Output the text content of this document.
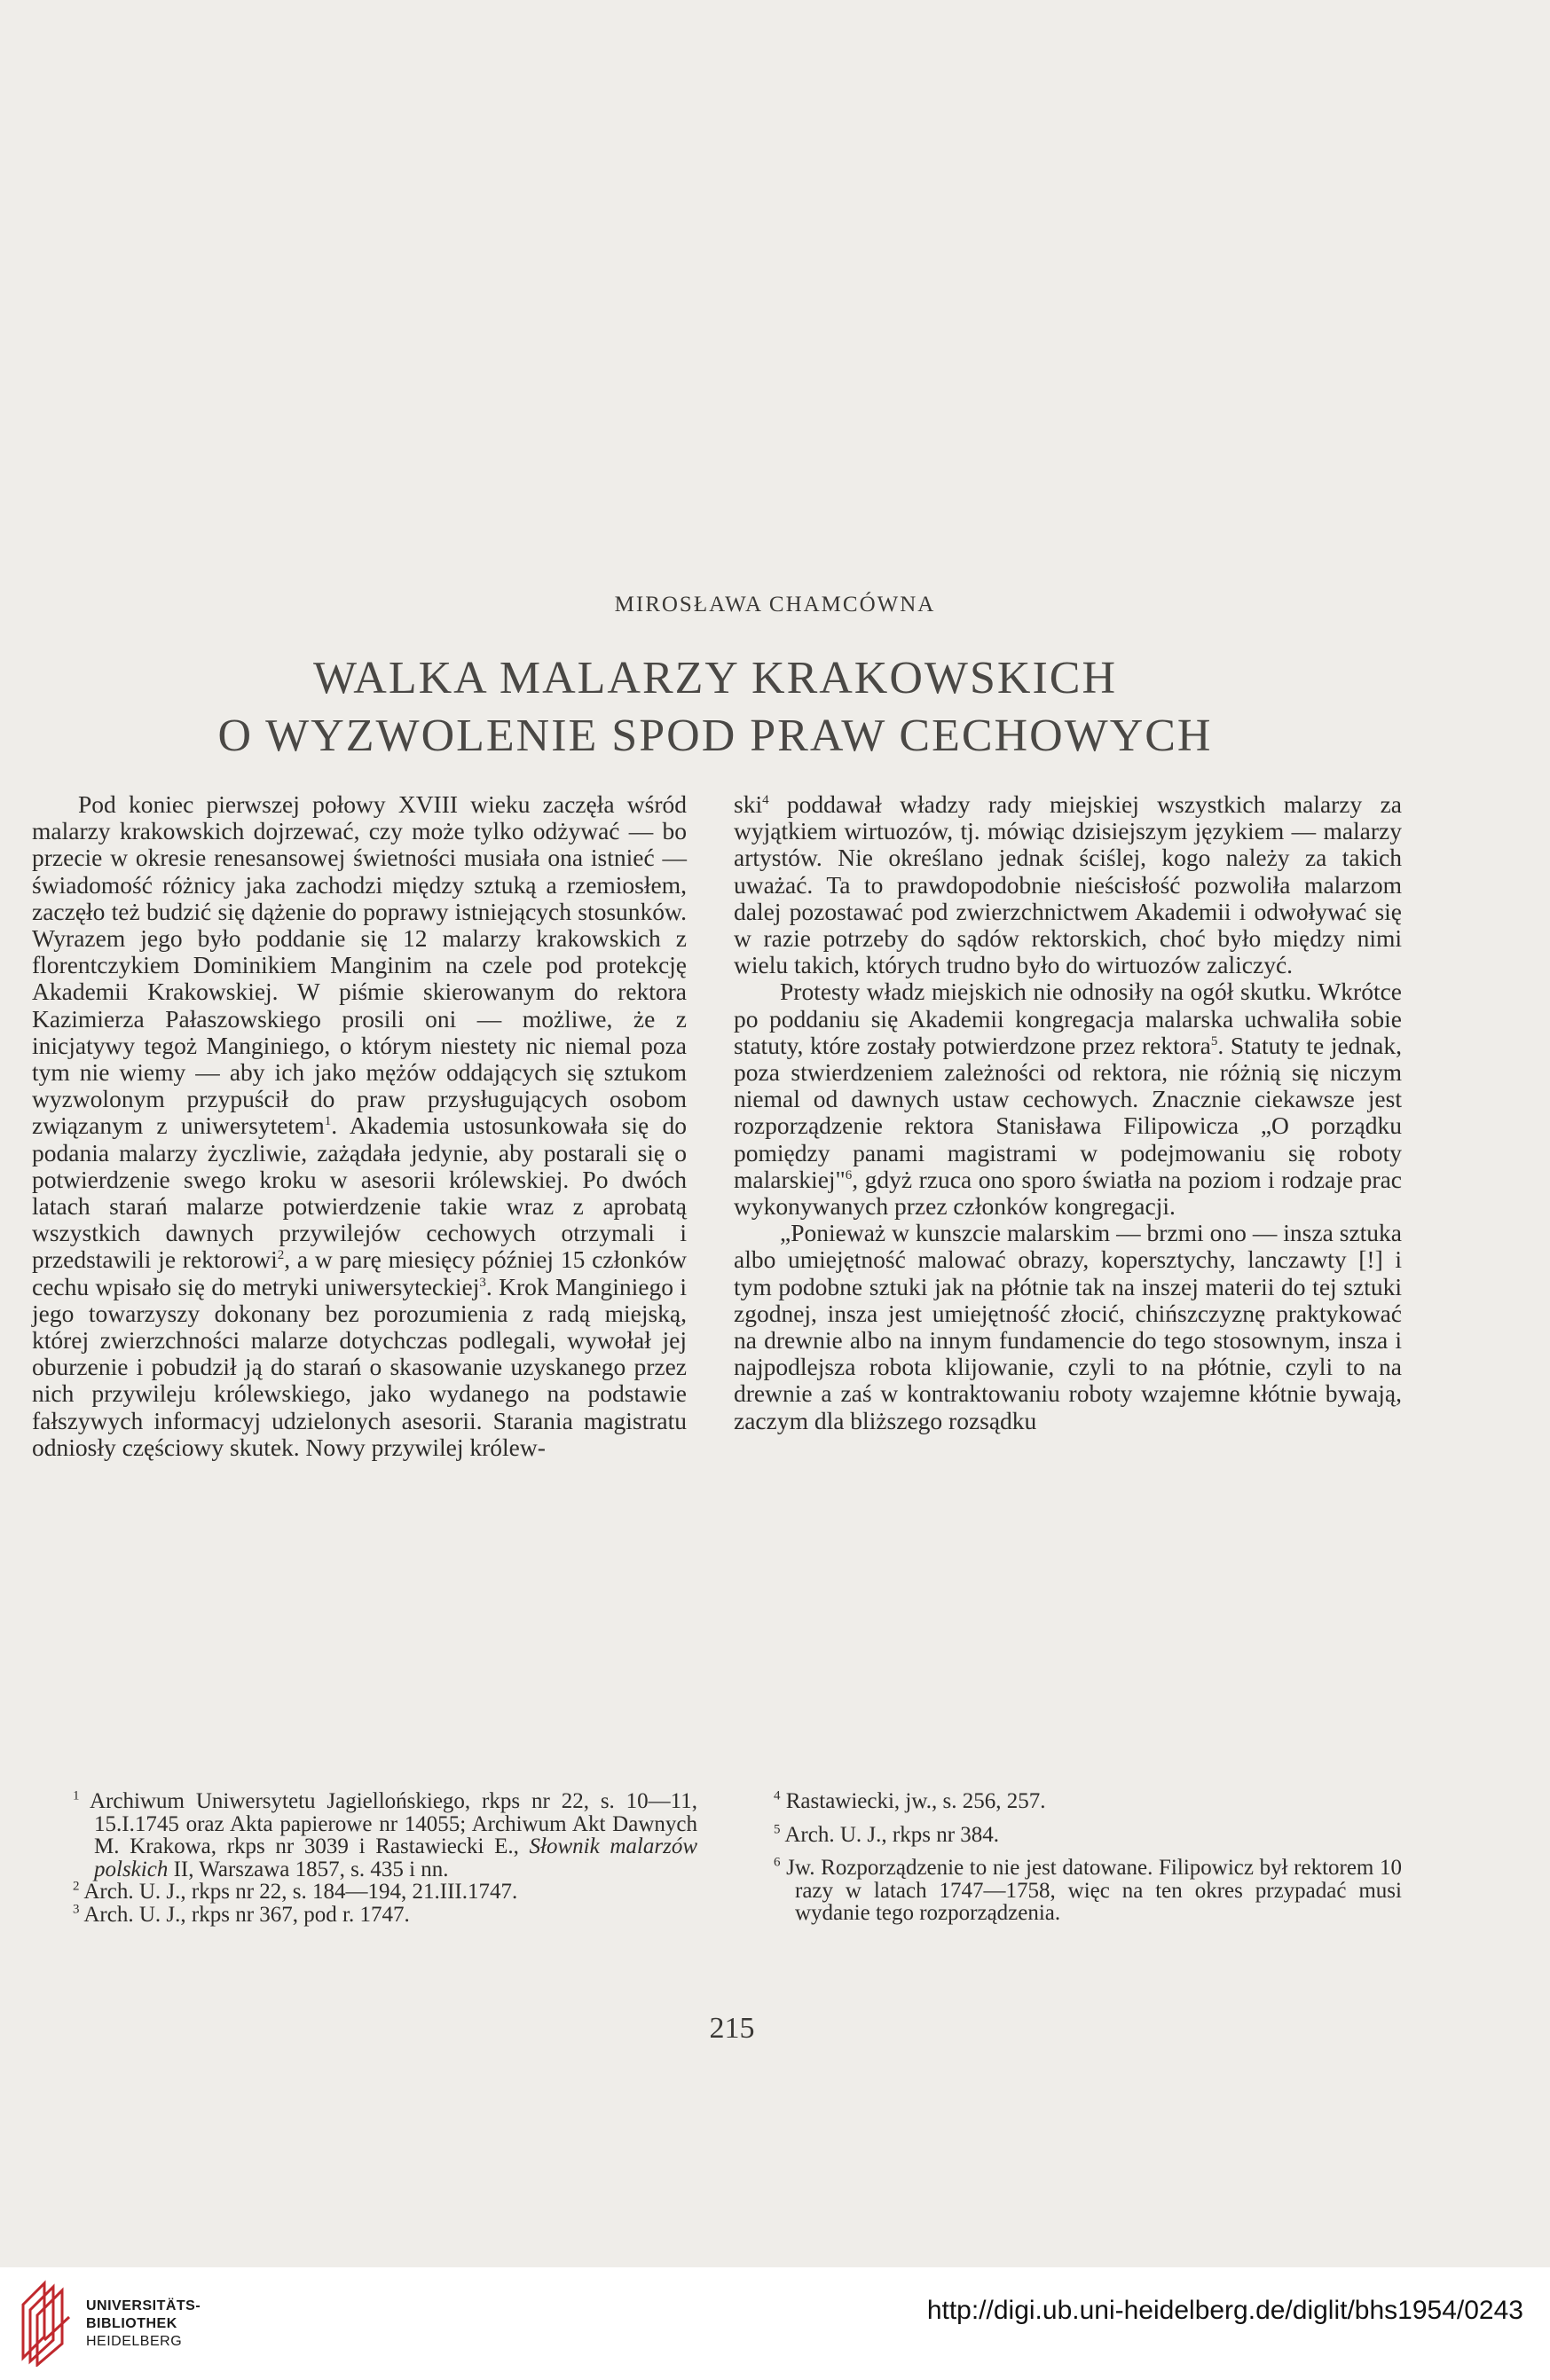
MIROSŁAWA CHAMCÓWNA
WALKA MALARZY KRAKOWSKICH
O WYZWOLENIE SPOD PRAW CECHOWYCH

Pod koniec pierwszej połowy XVIII wieku zaczęła wśród malarzy krakowskich dojrzewać, czy może tylko odżywać — bo przecie w okresie renesansowej świetności musiała ona istnieć — świadomość różnicy jaka zachodzi między sztuką a rzemiosłem, zaczęło też budzić się dążenie do poprawy istniejących stosunków. Wyrazem jego było poddanie się 12 malarzy krakowskich z florentczykiem Dominikiem Manginim na czele pod protekcję Akademii Krakowskiej. W piśmie skierowanym do rektora Kazimierza Pałaszowskiego prosili oni — możliwe, że z inicjatywy tegoż Manginiego, o którym niestety nic niemal poza tym nie wiemy — aby ich jako mężów oddających się sztukom wyzwolonym przypuścił do praw przysługujących osobom związanym z uniwersytetem$^1$. Akademia ustosunkowała się do podania malarzy życzliwie, zażądała jedynie, aby postarali się o potwierdzenie swego kroku w asesorii królewskiej. Po dwóch latach starań malarze potwierdzenie takie wraz z aprobatą wszystkich dawnych przywilejów cechowych otrzymali i przedstawili je rektorowi$^2$, a w parę miesięcy później 15 członków cechu wpisało się do metryki uniwersyteckiej$^3$. Krok Manginiego i jego towarzyszy dokonany bez porozumienia z radą miejską, której zwierzchności malarze dotychczas podlegali, wywołał jej oburzenie i pobudził ją do starań o skasowanie uzyskanego przez nich przywileju królewskiego, jako wydanego na podstawie fałszywych informacyj udzielonych asesorii. Starania magistratu odniosły częściowy skutek. Nowy przywilej królew-

ski$^4$ poddawał władzy rady miejskiej wszystkich malarzy za wyjątkiem wirtuozów, tj. mówiąc dzisiejszym językiem — malarzy artystów. Nie określano jednak ściślej, kogo należy za takich uważać. Ta to prawdopodobnie nieścisłość pozwoliła malarzom dalej pozostawać pod zwierzchnictwem Akademii i odwoływać się w razie potrzeby do sądów rektorskich, choć było między nimi wielu takich, których trudno było do wirtuozów zaliczyć.

Protesty władz miejskich nie odnosiły na ogół skutku. Wkrótce po poddaniu się Akademii kongregacja malarska uchwaliła sobie statuty, które zostały potwierdzone przez rektora$^5$. Statuty te jednak, poza stwierdzeniem zależności od rektora, nie różnią się niczym niemal od dawnych ustaw cechowych. Znacznie ciekawsze jest rozporządzenie rektora Stanisława Filipowicza „O porządku pomiędzy panami magistrami w podejmowaniu się roboty malarskiej"$^6$, gdyż rzuca ono sporo światła na poziom i rodzaje prac wykonywanych przez członków kongregacji.

„Ponieważ w kunszcie malarskim — brzmi ono — insza sztuka albo umiejętność malować obrazy, kopersztychy, lanczawty [!] i tym podobne sztuki jak na płótnie tak na inszej materii do tej sztuki zgodnej, insza jest umiejętność złocić, chińszczyznę praktykować na drewnie albo na innym fundamencie do tego stosownym, insza i najpodlejsza robota klijowanie, czyli to na płótnie, czyli to na drewnie a zaś w kontraktowaniu roboty wzajemne kłótnie bywają, zaczym dla bliższego rozsądku

$^1$ Archiwum Uniwersytetu Jagiellońskiego, rkps nr 22, s. 10—11, 15.I.1745 oraz Akta papierowe nr 14055; Archiwum Akt Dawnych M. Krakowa, rkps nr 3039 i Rastawiecki E., Słownik malarzów polskich II, Warszawa 1857, s. 435 i nn.

$^2$ Arch. U. J., rkps nr 22, s. 184—194, 21.III.1747.

$^3$ Arch. U. J., rkps nr 367, pod r. 1747.

$^4$ Rastawiecki, jw., s. 256, 257.

$^5$ Arch. U. J., rkps nr 384.

$^6$ Jw. Rozporządzenie to nie jest datowane. Filipowicz był rektorem 10 razy w latach 1747—1758, więc na ten okres przypadać musi wydanie tego rozporządzenia.

215
UNIVERSITÄTS-
BIBLIOTHEK
HEIDELBERG
http://digi.ub.uni-heidelberg.de/diglit/bhs1954/0243
